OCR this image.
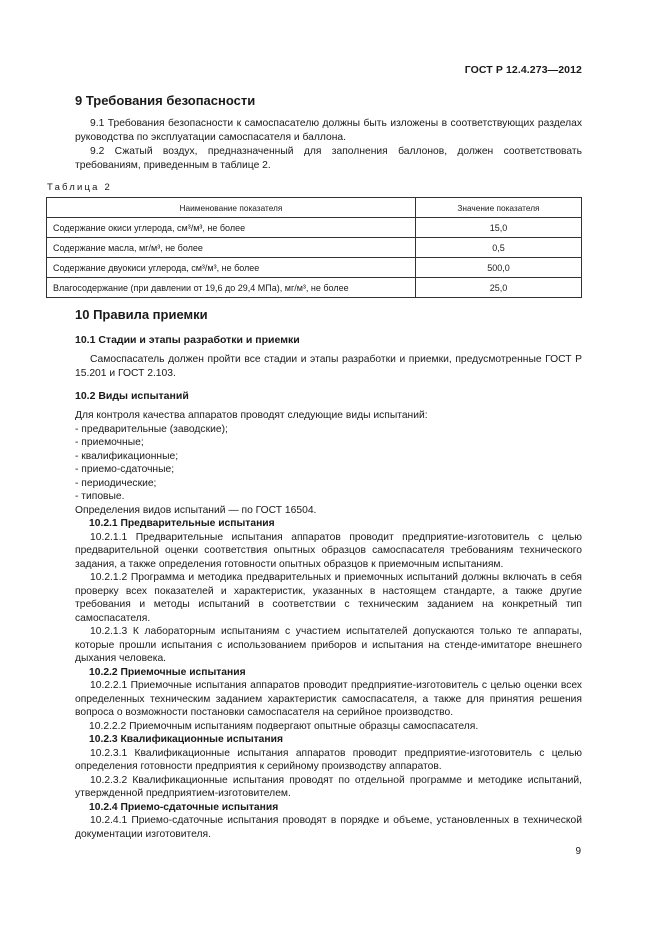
ГОСТ Р 12.4.273—2012
9 Требования безопасности

9.1 Требования безопасности к самоспасателю должны быть изложены в соответствующих разделах руководства по эксплуатации самоспасателя и баллона.

9.2 Сжатый воздух, предназначенный для заполнения баллонов, должен соответствовать требованиям, приведенным в таблице 2.

Таблица 2
Наименование показателя	Значение показателя
Содержание окиси углерода, см³/м³, не более	15,0
Содержание масла, мг/м³, не более	0,5
Содержание двуокиси углерода, см³/м³, не более	500,0
Влагосодержание (при давлении от 19,6 до 29,4 МПа), мг/м³, не более	25,0
10 Правила приемки
10.1 Стадии и этапы разработки и приемки

Самоспасатель должен пройти все стадии и этапы разработки и приемки, предусмотренные ГОСТ Р 15.201 и ГОСТ 2.103.

10.2 Виды испытаний
Для контроля качества аппаратов проводят следующие виды испытаний:
- предварительные (заводские);
- приемочные;
- квалификационные;
- приемо-сдаточные;
- периодические;
- типовые.
Определения видов испытаний — по ГОСТ 16504.
10.2.1 Предварительные испытания

10.2.1.1 Предварительные испытания аппаратов проводит предприятие-изготовитель с целью предварительной оценки соответствия опытных образцов самоспасателя требованиям технического задания, а также определения готовности опытных образцов к приемочным испытаниям.

10.2.1.2 Программа и методика предварительных и приемочных испытаний должны включать в себя проверку всех показателей и характеристик, указанных в настоящем стандарте, а также другие требования и методы испытаний в соответствии с техническим заданием на конкретный тип самоспасателя.

10.2.1.3 К лабораторным испытаниям с участием испытателей допускаются только те аппараты, которые прошли испытания с использованием приборов и испытания на стенде-имитаторе внешнего дыхания человека.

10.2.2 Приемочные испытания

10.2.2.1 Приемочные испытания аппаратов проводит предприятие-изготовитель с целью оценки всех определенных техническим заданием характеристик самоспасателя, а также для принятия решения вопроса о возможности постановки самоспасателя на серийное производство.

10.2.2.2 Приемочным испытаниям подвергают опытные образцы самоспасателя.
10.2.3 Квалификационные испытания

10.2.3.1 Квалификационные испытания аппаратов проводит предприятие-изготовитель с целью определения готовности предприятия к серийному производству аппаратов.

10.2.3.2 Квалификационные испытания проводят по отдельной программе и методике испытаний, утвержденной предприятием-изготовителем.

10.2.4 Приемо-сдаточные испытания

10.2.4.1 Приемо-сдаточные испытания проводят в порядке и объеме, установленных в технической документации изготовителя.

9
